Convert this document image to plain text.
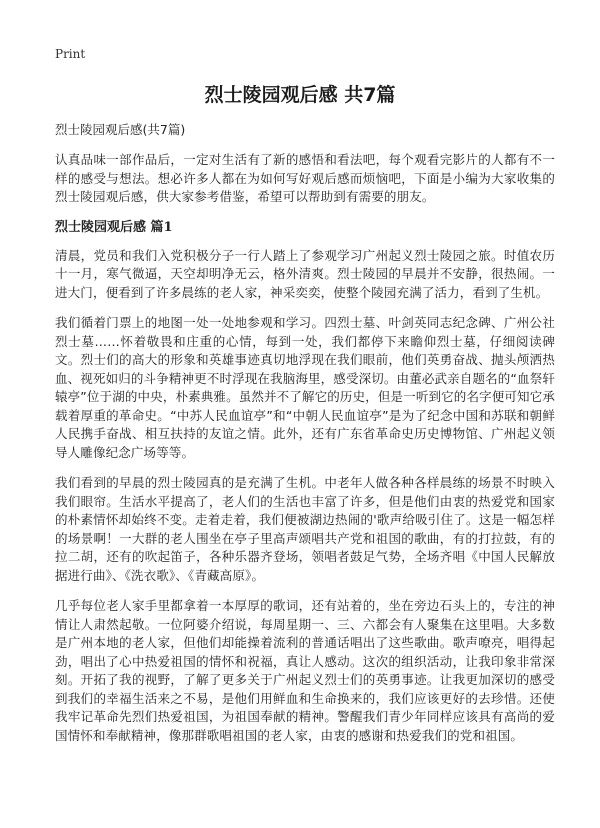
Print
烈士陵园观后感 共7篇

烈士陵园观后感(共7篇)

认真品味一部作品后，一定对生活有了新的感悟和看法吧，每个观看完影片的人都有不一样的感受与想法。想必许多人都在为如何写好观后感而烦恼吧，下面是小编为大家收集的烈士陵园观后感，供大家参考借鉴，希望可以帮助到有需要的朋友。

烈士陵园观后感 篇1

清晨，党员和我们入党积极分子一行人踏上了参观学习广州起义烈士陵园之旅。时值农历十一月，寒气微逼，天空却明净无云，格外清爽。烈士陵园的早晨并不安静，很热闹。一进大门，便看到了许多晨练的老人家，神采奕奕，使整个陵园充满了活力，看到了生机。

我们循着门票上的地图一处一处地参观和学习。四烈士墓、叶剑英同志纪念碑、广州公社烈士墓……怀着敬畏和庄重的心情，每到一处，我们都停下来瞻仰烈士墓，仔细阅读碑文。烈士们的高大的形象和英雄事迹真切地浮现在我们眼前，他们英勇奋战、抛头颅洒热血、视死如归的斗争精神更不时浮现在我脑海里，感受深切。由董必武亲自题名的“血祭轩辕亭”位于湖的中央，朴素典雅。虽然并不了解它的历史，但是一听到它的名字便可知它承载着厚重的革命史。“中苏人民血谊亭”和“中朝人民血谊亭”是为了纪念中国和苏联和朝鲜人民携手奋战、相互扶持的友谊之情。此外，还有广东省革命史历史博物馆、广州起义领导人雕像纪念广场等等。

我们看到的早晨的烈士陵园真的是充满了生机。中老年人做各种各样晨练的场景不时映入我们眼帘。生活水平提高了，老人们的生活也丰富了许多，但是他们由衷的热爱党和国家的朴素情怀却始终不变。走着走着，我们便被湖边热闹的'歌声给吸引住了。这是一幅怎样的场景啊！一大群的老人围坐在亭子里高声颂唱共产党和祖国的歌曲，有的打拉鼓，有的拉二胡，还有的吹起笛子，各种乐器齐登场，领唱者鼓足气势，全场齐唱《中国人民解放据进行曲》、《洗衣歌》、《青藏高原》。

几乎每位老人家手里都拿着一本厚厚的歌词，还有站着的，坐在旁边石头上的，专注的神情让人肃然起敬。一位阿婆介绍说，每周星期一、三、六都会有人聚集在这里唱。大多数是广州本地的老人家，但他们却能操着流利的普通话唱出了这些歌曲。歌声嘹亮，唱得起劲，唱出了心中热爱祖国的情怀和祝福，真让人感动。这次的组织活动，让我印象非常深刻。开拓了我的视野，了解了更多关于广州起义烈士们的英勇事迹。让我更加深切的感受到我们的幸福生活来之不易，是他们用鲜血和生命换来的，我们应该更好的去珍惜。还使我牢记革命先烈们热爱祖国，为祖国奉献的精神。警醒我们青少年同样应该具有高尚的爱国情怀和奉献精神，像那群歌唱祖国的老人家，由衷的感谢和热爱我们的党和祖国。
